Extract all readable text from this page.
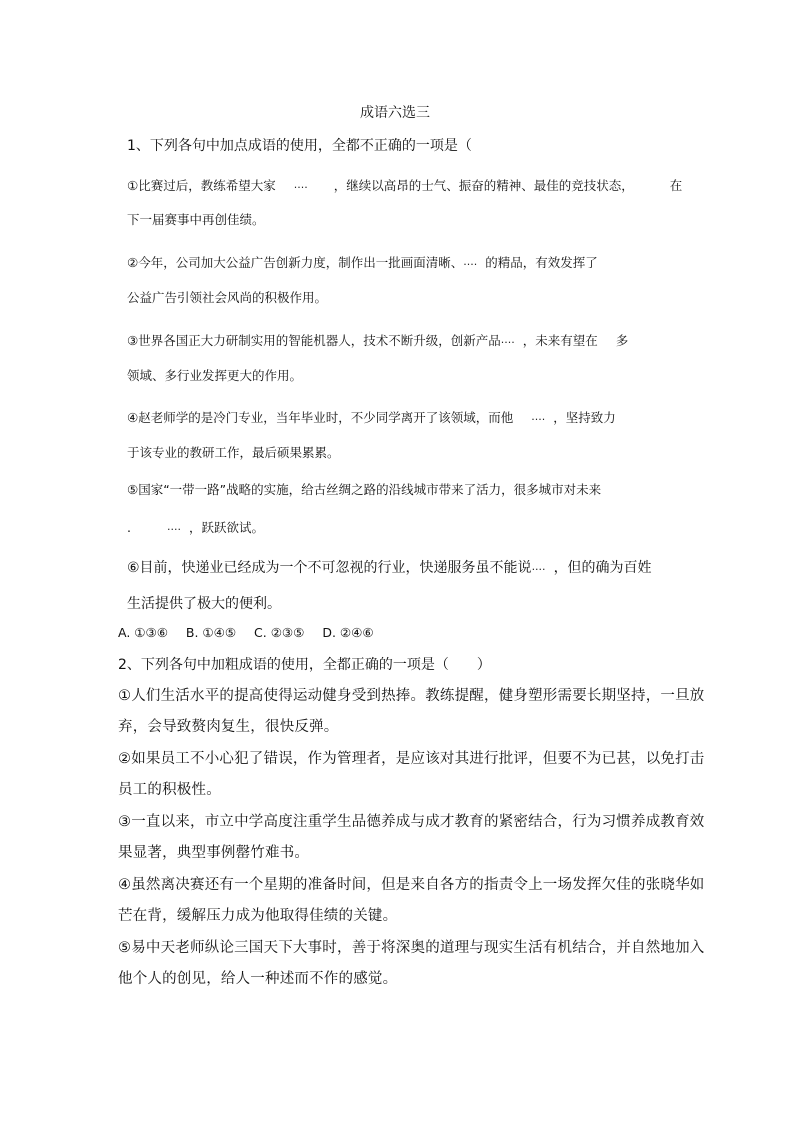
成语六选三
1、下列各句中加点成语的使用，全都不正确的一项是（
①比赛过后，教练希望大家 ····	，继续以高昂的士气、振奋的精神、最佳的竞技状态，	在
下一届赛事中再创佳绩。
②今年，公司加大公益广告创新力度，制作出一批画面清晰、 ···· 的精品，有效发挥了
公益广告引领社会风尚的积极作用。
③世界各国正大力研制实用的智能机器人，技术不断升级，创新产品 ···· ，未来有望在 多
领域、多行业发挥更大的作用。
④赵老师学的是冷门专业，当年毕业时，不少同学离开了该领域，而他 ····	，坚持致力
于该专业的教研工作，最后硕果累累。
⑤国家“一带一路”战略的实施，给古丝绸之路的沿线城市带来了活力，很多城市对未来
. ····	，跃跃欲试。
⑥目前，快递业已经成为一个不可忽视的行业，快递服务虽不能说 ···· ，但的确为百姓
生活提供了极大的便利。
A. ①③⑥ B. ①④⑤ C. ②③⑤ D. ②④⑥
2、下列各句中加粗成语的使用，全都正确的一项是（　　）
①人们生活水平的提高使得运动健身受到热捧。教练提醒，健身塑形需要长期坚持，一旦放
弃，会导致赘肉复生，很快反弹。
②如果员工不小心犯了错误，作为管理者，是应该对其进行批评，但要不为已甚，以免打击
员工的积极性。
③一直以来，市立中学高度注重学生品德养成与成才教育的紧密结合，行为习惯养成教育效
果显著，典型事例罄竹难书。
④虽然离决赛还有一个星期的准备时间，但是来自各方的指责令上一场发挥欠佳的张晓华如
芒在背，缓解压力成为他取得佳绩的关键。
⑤易中天老师纵论三国天下大事时，善于将深奥的道理与现实生活有机结合，并自然地加入
他个人的创见，给人一种述而不作的感觉。
